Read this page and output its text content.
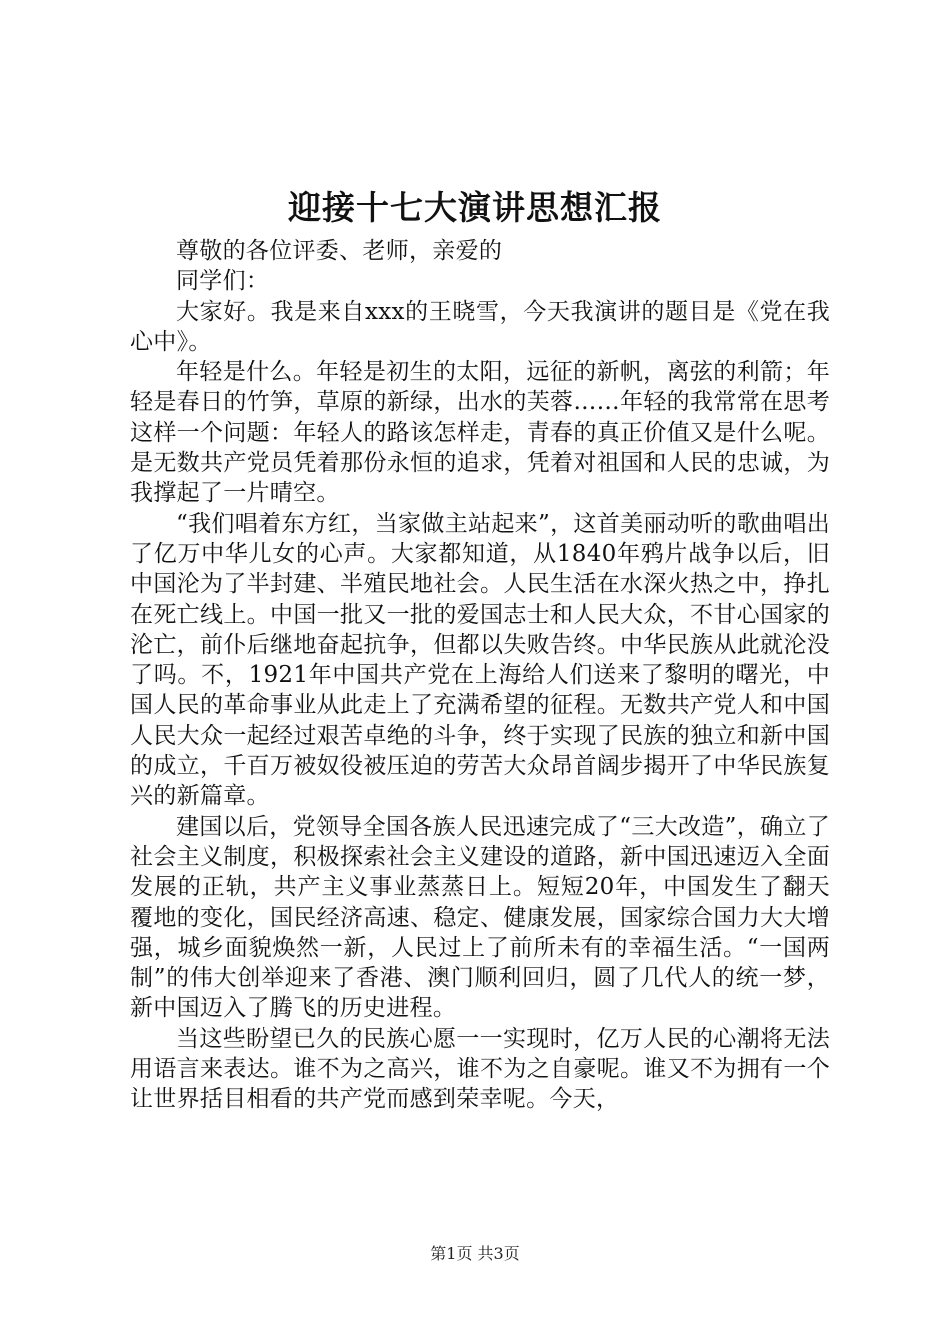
迎接十七大演讲思想汇报

尊敬的各位评委、老师，亲爱的

同学们：

大家好。我是来自xxx的王晓雪，今天我演讲的题目是《党在我心中》。

年轻是什么。年轻是初生的太阳，远征的新帆，离弦的利箭；年轻是春日的竹笋，草原的新绿，出水的芙蓉……年轻的我常常在思考这样一个问题：年轻人的路该怎样走，青春的真正价值又是什么呢。是无数共产党员凭着那份永恒的追求，凭着对祖国和人民的忠诚，为我撑起了一片晴空。

“我们唱着东方红，当家做主站起来”，这首美丽动听的歌曲唱出了亿万中华儿女的心声。大家都知道，从1840年鸦片战争以后，旧中国沦为了半封建、半殖民地社会。人民生活在水深火热之中，挣扎在死亡线上。中国一批又一批的爱国志士和人民大众，不甘心国家的沦亡，前仆后继地奋起抗争，但都以失败告终。中华民族从此就沦没了吗。不，1921年中国共产党在上海给人们送来了黎明的曙光，中国人民的革命事业从此走上了充满希望的征程。无数共产党人和中国人民大众一起经过艰苦卓绝的斗争，终于实现了民族的独立和新中国的成立，千百万被奴役被压迫的劳苦大众昂首阔步揭开了中华民族复兴的新篇章。

建国以后，党领导全国各族人民迅速完成了“三大改造”，确立了社会主义制度，积极探索社会主义建设的道路，新中国迅速迈入全面发展的正轨，共产主义事业蒸蒸日上。短短20年，中国发生了翻天覆地的变化，国民经济高速、稳定、健康发展，国家综合国力大大增强，城乡面貌焕然一新，人民过上了前所未有的幸福生活。“一国两制”的伟大创举迎来了香港、澳门顺利回归，圆了几代人的统一梦，新中国迈入了腾飞的历史进程。

当这些盼望已久的民族心愿一一实现时，亿万人民的心潮将无法用语言来表达。谁不为之高兴，谁不为之自豪呢。谁又不为拥有一个让世界括目相看的共产党而感到荣幸呢。今天，

第1页 共3页
